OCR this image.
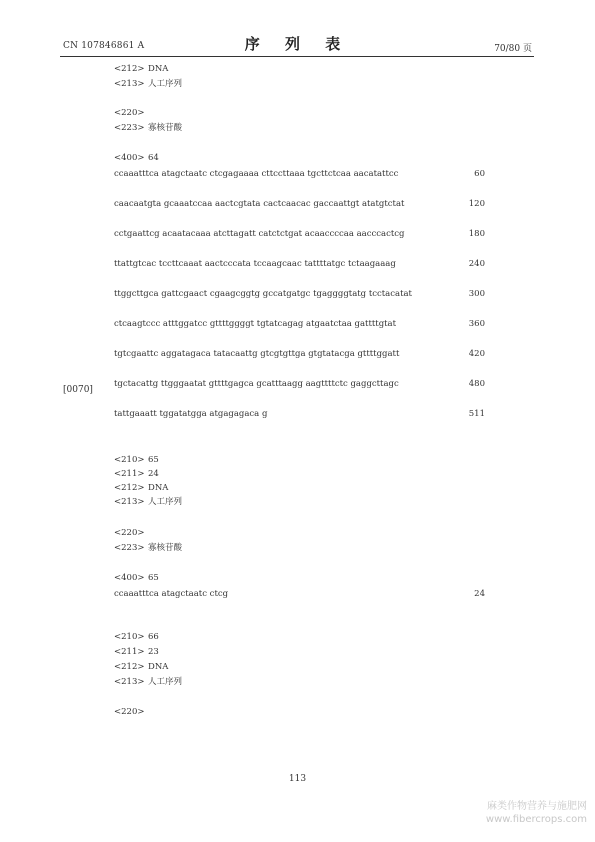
CN 107846861 A	序 列 表	70/80 页
<212> DNA
<213> 人工序列
<220>
<223> 寡核苷酸
<400> 64
<210> 65
<211> 24
<212> DNA
<213> 人工序列
<220>
<223> 寡核苷酸
<400> 65
<210> 66
<211> 23
<212> DNA
<213> 人工序列
<220>
ccaaatttca atagctaatc ctcgagaaaa cttccttaaa tgcttctcaa aacatattcc	60
caacaatgta gcaaatccaa aactcgtata cactcaacac gaccaattgt atatgtctat	120
cctgaattcg acaatacaaa atcttagatt catctctgat acaaccccaa aacccactcg	180
ttattgtcac tccttcaaat aactcccata tccaagcaac tattttatgc tctaagaaag	240
ttggcttgca gattcgaact cgaagcggtg gccatgatgc tgaggggtatg tcctacatat	300
ctcaagtccc atttggatcc gttttggggt tgtatcagag atgaatctaa gattttgtat	360
tgtcgaattc aggatagaca tatacaattg gtcgtgttga gtgtatacga gttttggatt	420
tgctacattg ttgggaatat gttttgagca gcatttaagg aagttttctc gaggcttagc	480
tattgaaatt tggatatgga atgagagaca g	511
ccaaatttca atagctaatc ctcg	24
[0070]
113
麻类作物营养与施肥网
www.fibercrops.com
